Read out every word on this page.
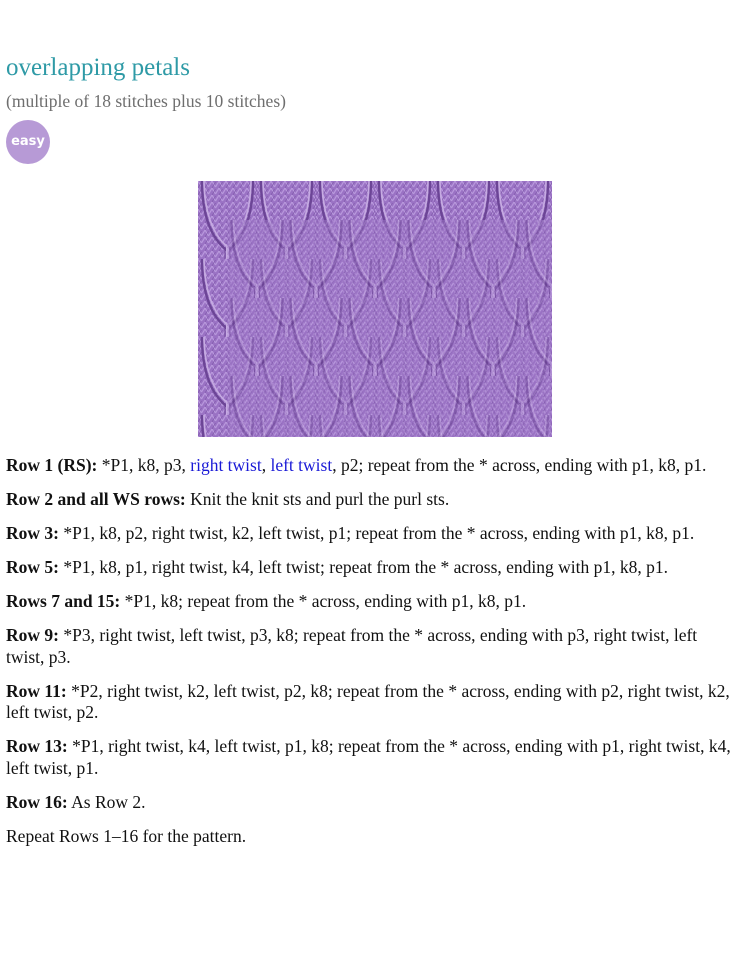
overlapping petals
(multiple of 18 stitches plus 10 stitches)
easy

Row 1 (RS): *P1, k8, p3, right twist, left twist, p2; repeat from the * across, ending with p1, k8, p1.

Row 2 and all WS rows: Knit the knit sts and purl the purl sts.

Row 3: *P1, k8, p2, right twist, k2, left twist, p1; repeat from the * across, ending with p1, k8, p1.

Row 5: *P1, k8, p1, right twist, k4, left twist; repeat from the * across, ending with p1, k8, p1.

Rows 7 and 15: *P1, k8; repeat from the * across, ending with p1, k8, p1.

Row 9: *P3, right twist, left twist, p3, k8; repeat from the * across, ending with p3, right twist, left twist, p3.

Row 11: *P2, right twist, k2, left twist, p2, k8; repeat from the * across, ending with p2, right twist, k2, left twist, p2.

Row 13: *P1, right twist, k4, left twist, p1, k8; repeat from the * across, ending with p1, right twist, k4, left twist, p1.

Row 16: As Row 2.

Repeat Rows 1–16 for the pattern.
